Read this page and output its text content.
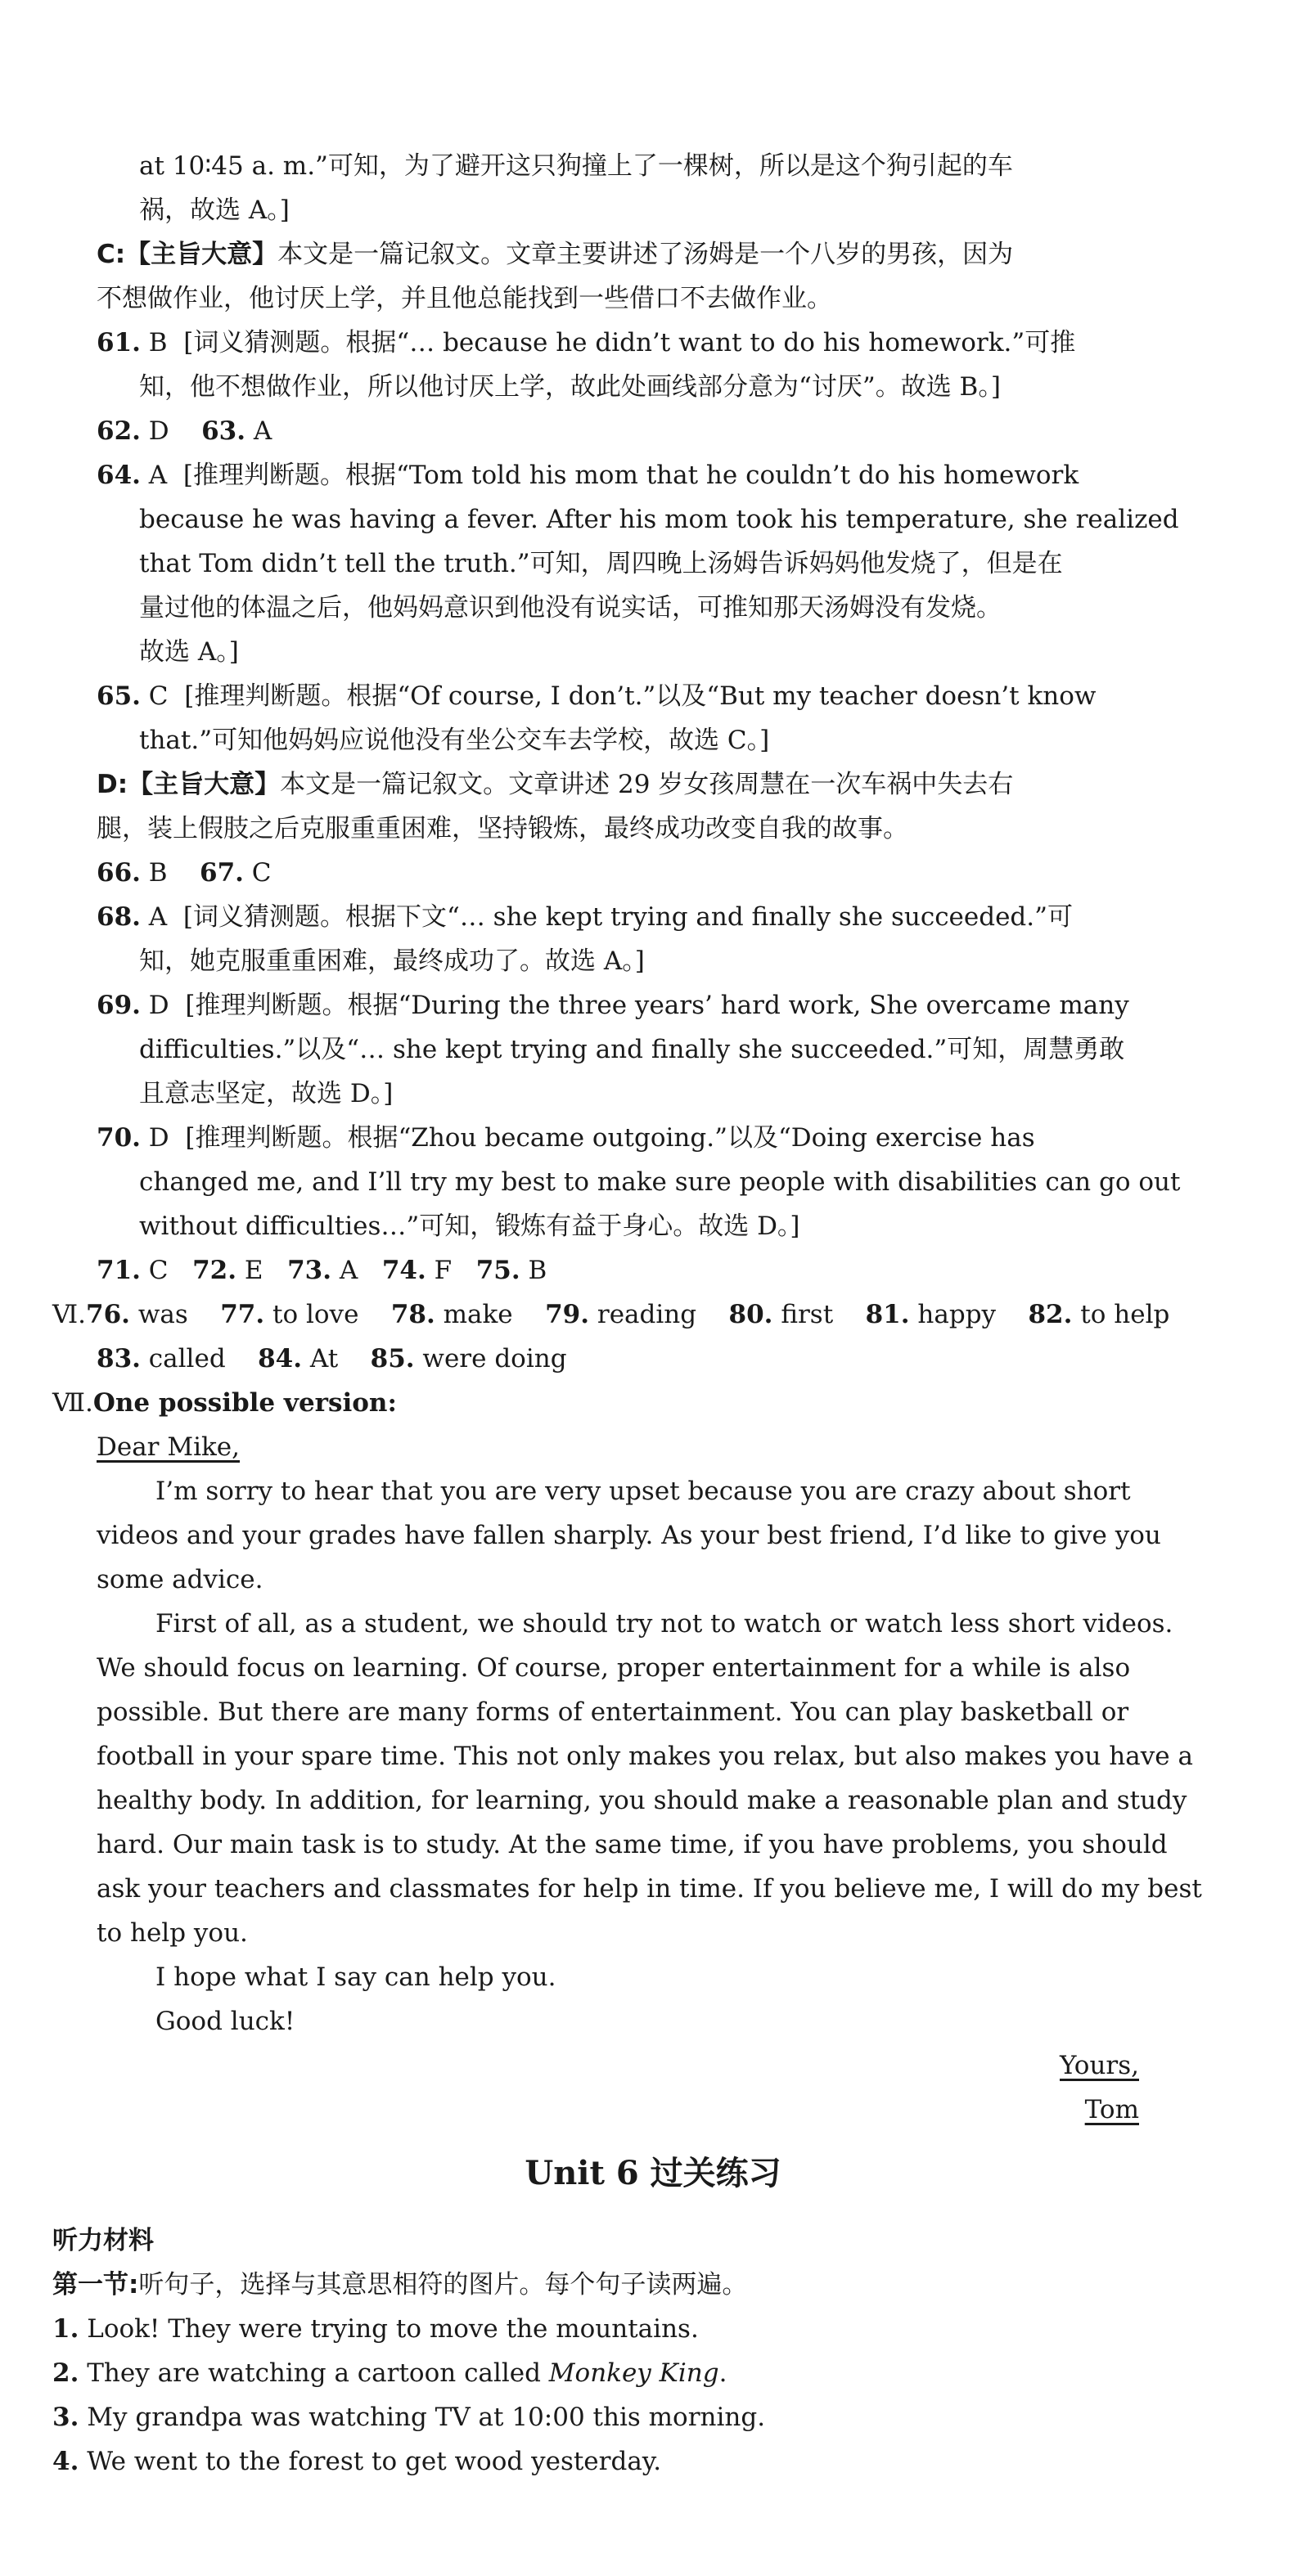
at 10∶45 a. m.”可知，为了避开这只狗撞上了一棵树，所以是这个狗引起的车
祸，故选 A。]
C:【主旨大意】本文是一篇记叙文。文章主要讲述了汤姆是一个八岁的男孩，因为
不想做作业，他讨厌上学，并且他总能找到一些借口不去做作业。
61. B  [词义猜测题。根据“… because he didn’t want to do his homework.”可推
知，他不想做作业，所以他讨厌上学，故此处画线部分意为“讨厌”。故选 B。]
62. D 63. A
64. A  [推理判断题。根据“Tom told his mom that he couldn’t do his homework
because he was having a fever. After his mom took his temperature, she realized
that Tom didn’t tell the truth.”可知，周四晚上汤姆告诉妈妈他发烧了，但是在
量过他的体温之后，他妈妈意识到他没有说实话，可推知那天汤姆没有发烧。
故选 A。]
65. C  [推理判断题。根据“Of course, I don’t.”以及“But my teacher doesn’t know
that.”可知他妈妈应说他没有坐公交车去学校，故选 C。]
D:【主旨大意】本文是一篇记叙文。文章讲述 29 岁女孩周慧在一次车祸中失去右
腿，装上假肢之后克服重重困难，坚持锻炼，最终成功改变自我的故事。
66. B 67. C
68. A  [词义猜测题。根据下文“… she kept trying and finally she succeeded.”可
知，她克服重重困难，最终成功了。故选 A。]
69. D  [推理判断题。根据“During the three years’ hard work, She overcame many
difficulties.”以及“… she kept trying and finally she succeeded.”可知，周慧勇敢
且意志坚定，故选 D。]
70. D  [推理判断题。根据“Zhou became outgoing.”以及“Doing exercise has
changed me, and I’ll try my best to make sure people with disabilities can go out
without difficulties…”可知，锻炼有益于身心。故选 D。]
71. C 72. E 73. A 74. F 75. B
Ⅵ.76. was 77. to love 78. make 79. reading 80. first 81. happy 82. to help
83. called 84. At 85. were doing
Ⅶ.One possible version:
Dear Mike,
I’m sorry to hear that you are very upset because you are crazy about short
videos and your grades have fallen sharply. As your best friend, I’d like to give you
some advice.
First of all, as a student, we should try not to watch or watch less short videos.
We should focus on learning. Of course, proper entertainment for a while is also
possible. But there are many forms of entertainment. You can play basketball or
football in your spare time. This not only makes you relax, but also makes you have a
healthy body. In addition, for learning, you should make a reasonable plan and study
hard. Our main task is to study. At the same time, if you have problems, you should
ask your teachers and classmates for help in time. If you believe me, I will do my best
to help you.
I hope what I say can help you.
Good luck!
Yours,
Tom
Unit 6 过关练习
听力材料
第一节:听句子，选择与其意思相符的图片。每个句子读两遍。
1. Look! They were trying to move the mountains.
2. They are watching a cartoon called Monkey King.
3. My grandpa was watching TV at 10:00 this morning.
4. We went to the forest to get wood yesterday.
